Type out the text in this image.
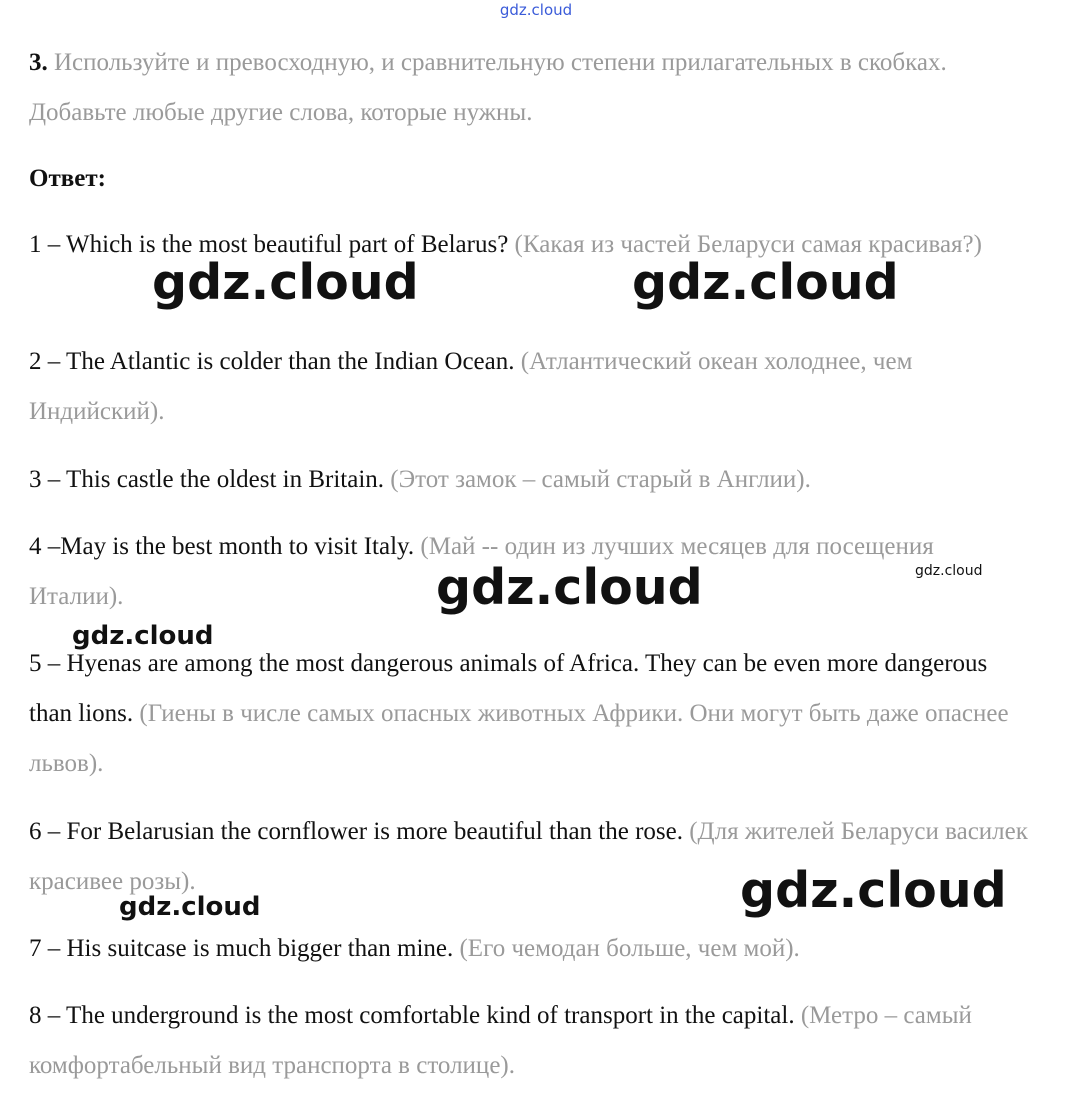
gdz.cloud

3. Используйте и превосходную, и сравнительную степени прилагательных в скобках. Добавьте любые другие слова, которые нужны.

Ответ:

1 – Which is the most beautiful part of Belarus? (Какая из частей Беларуси самая красивая?)

2 – The Atlantic is colder than the Indian Ocean. (Атлантический океан холоднее, чем Индийский).

3 – This castle the oldest in Britain. (Этот замок – самый старый в Англии).

4 –May is the best month to visit Italy. (Май -- один из лучших месяцев для посещения Италии).

5 – Hyenas are among the most dangerous animals of Africa. They can be even more dangerous than lions. (Гиены в числе самых опасных животных Африки. Они могут быть даже опаснее львов).

6 – For Belarusian the cornflower is more beautiful than the rose. (Для жителей Беларуси василек красивее розы).

7 – His suitcase is much bigger than mine. (Его чемодан больше, чем мой).

8 – The underground is the most comfortable kind of transport in the capital. (Метро – самый комфортабельный вид транспорта в столице).

gdz.cloud	gdz.cloud
gdz.cloud	gdz.cloud
gdz.cloud
gdz.cloud
gdz.cloud
